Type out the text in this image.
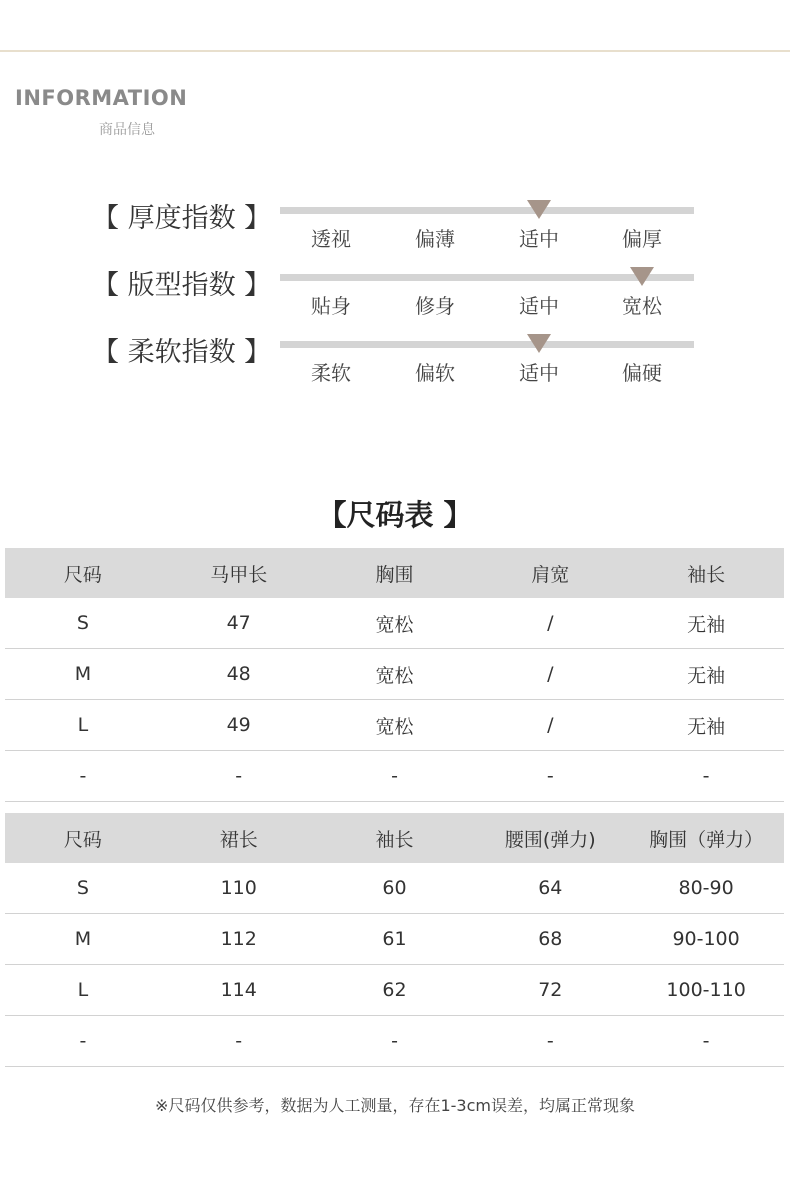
INFORMATION
商品信息
【 厚度指数 】
透视	偏薄	适中	偏厚
【 版型指数 】
贴身	修身	适中	宽松
【 柔软指数 】
柔软	偏软	适中	偏硬
【尺码表 】
尺码	马甲长	胸围	肩宽	袖长
S	47	宽松	/	无袖
M	48	宽松	/	无袖
L	49	宽松	/	无袖
-	-	-	-	-
尺码	裙长	袖长	腰围(弹力)	胸围（弹力）
S	110	60	64	80-90
M	112	61	68	90-100
L	114	62	72	100-110
-	-	-	-	-
※尺码仅供参考，数据为人工测量，存在1-3cm误差，均属正常现象
